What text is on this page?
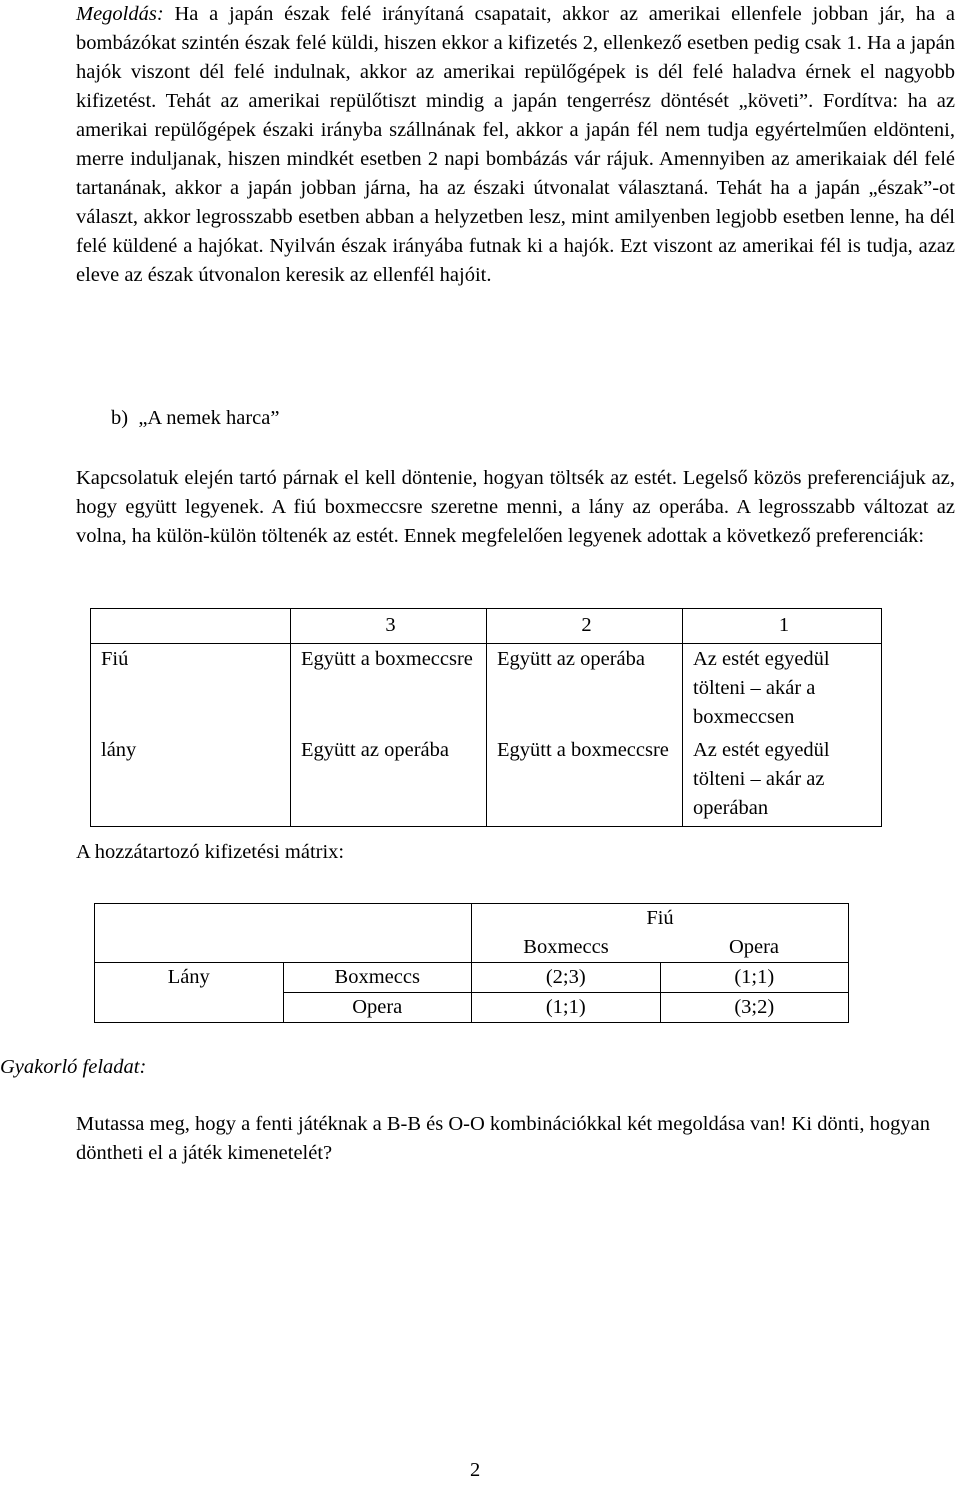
Megoldás: Ha a japán észak felé irányítaná csapatait, akkor az amerikai ellenfele jobban jár, ha a bombázókat szintén észak felé küldi, hiszen ekkor a kifizetés 2, ellenkező esetben pedig csak 1. Ha a japán hajók viszont dél felé indulnak, akkor az amerikai repülőgépek is dél felé haladva érnek el nagyobb kifizetést. Tehát az amerikai repülőtiszt mindig a japán tengerrész döntését „követi”. Fordítva: ha az amerikai repülőgépek északi irányba szállnának fel, akkor a japán fél nem tudja egyértelműen eldönteni, merre induljanak, hiszen mindkét esetben 2 napi bombázás vár rájuk. Amennyiben az amerikaiak dél felé tartanának, akkor a japán jobban járna, ha az északi útvonalat választaná. Tehát ha a japán „észak”-ot választ, akkor legrosszabb esetben abban a helyzetben lesz, mint amilyenben legjobb esetben lenne, ha dél felé küldené a hajókat. Nyilván észak irányába futnak ki a hajók. Ezt viszont az amerikai fél is tudja, azaz eleve az észak útvonalon keresik az ellenfél hajóit.

b)  „A nemek harca”

Kapcsolatuk elején tartó párnak el kell döntenie, hogyan töltsék az estét. Legelső közös preferenciájuk az, hogy együtt legyenek. A fiú boxmeccsre szeretne menni, a lány az operába. A legrosszabb változat az volna, ha külön-külön töltenék az estét. Ennek megfelelően legyenek adottak a következő preferenciák:

	3	2	1
Fiú	Együtt a boxmeccsre	Együtt az operába	Az estét egyedül tölteni – akár a boxmeccsen
lány	Együtt az operába	Együtt a boxmeccsre	Az estét egyedül tölteni – akár az operában

A hozzátartozó kifizetési mátrix:

		Fiú	
		Boxmeccs	Opera
Lány	Boxmeccs	(2;3)	(1;1)
	Opera	(1;1)	(3;2)
Gyakorló feladat:

Mutassa meg, hogy a fenti játéknak a B-B és O-O kombinációkkal két megoldása van! Ki dönti, hogyan döntheti el a játék kimenetelét?

2
